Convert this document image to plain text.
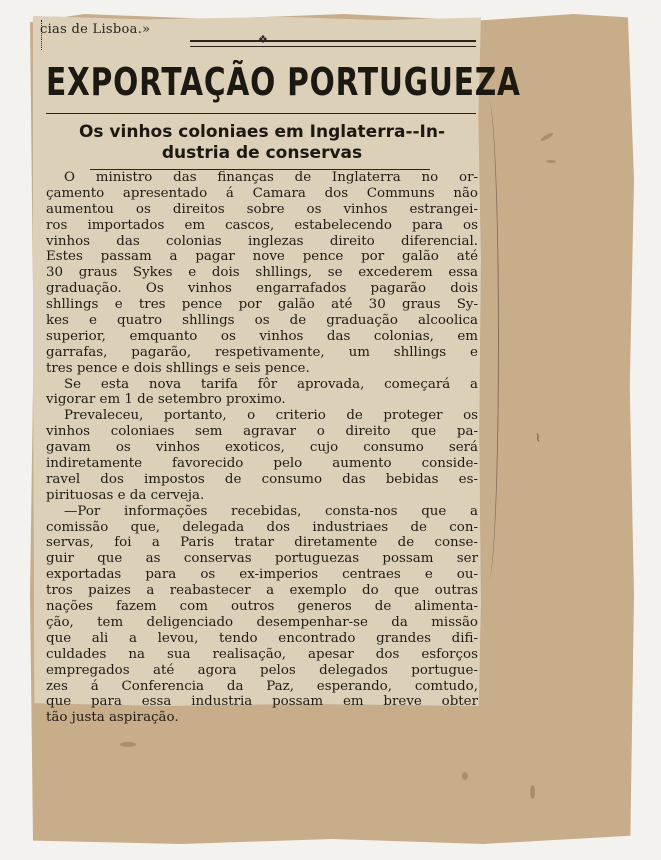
cias de Lisboa.»
❖
EXPORTAÇÃO PORTUGUEZA
Os vinhos coloniaes em Inglaterra--In-
dustria de conservas
O ministro das finanças de Inglaterra no or-
çamento apresentado á Camara dos Communs não
aumentou os direitos sobre os vinhos estrangei-
ros importados em cascos, estabelecendo para os
vinhos das colonias inglezas direito diferencial.
Estes passam a pagar nove pence por galão até
30 graus Sykes e dois shllings, se excederem essa
graduação. Os vinhos engarrafados pagarão dois
shllings e tres pence por galão até 30 graus Sy-
kes e quatro shllings os de graduação alcoolica
superior, emquanto os vinhos das colonias, em
garrafas, pagarão, respetivamente, um shllings e
tres pence e dois shllings e seis pence.
Se esta nova tarifa fôr aprovada, começará a
vigorar em 1 de setembro proximo.
Prevaleceu, portanto, o criterio de proteger os
vinhos coloniaes sem agravar o direito que pa-
gavam os vinhos exoticos, cujo consumo será
indiretamente favorecido pelo aumento conside-
ravel dos impostos de consumo das bebidas es-
pirituosas e da cerveja.
—Por informações recebidas, consta-nos que a
comissão que, delegada dos industriaes de con-
servas, foi a Paris tratar diretamente de conse-
guir que as conservas portuguezas possam ser
exportadas para os ex-imperios centraes e ou-
tros paizes a reabastecer a exemplo do que outras
nações fazem com outros generos de alimenta-
ção, tem deligenciado desempenhar-se da missão
que ali a levou, tendo encontrado grandes difi-
culdades na sua realisação, apesar dos esforços
empregados até agora pelos delegados portugue-
zes á Conferencia da Paz, esperando, comtudo,
que para essa industria possam em breve obter
tão justa aspiração.
~
